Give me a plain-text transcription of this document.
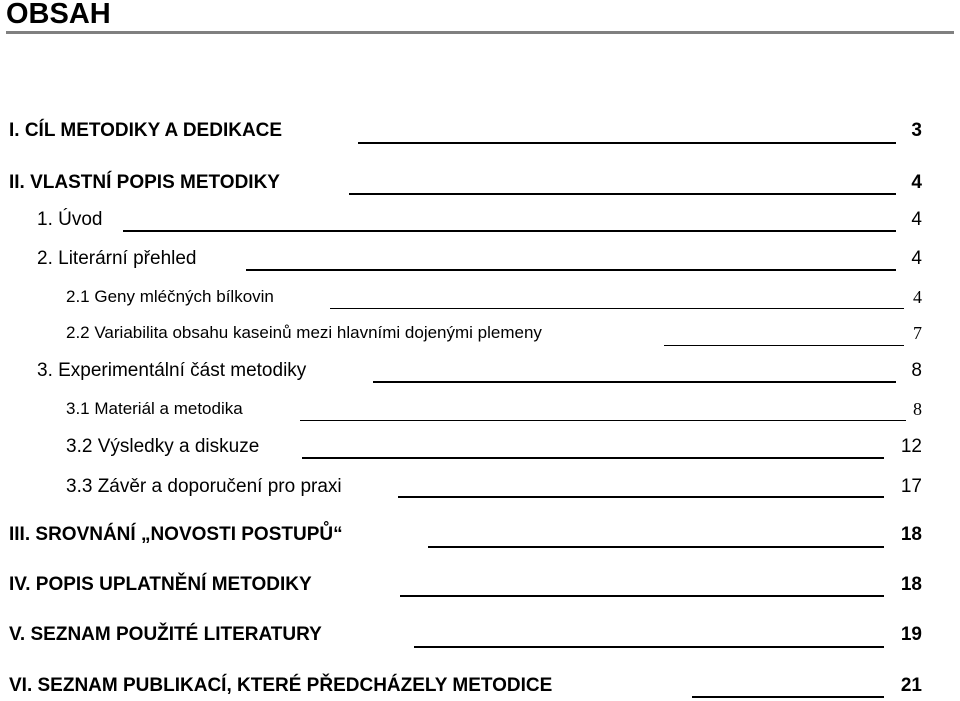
OBSAH
I. CÍL METODIKY A DEDIKACE	3
II. VLASTNÍ POPIS METODIKY	4
1. Úvod	4
2. Literární přehled	4
2.1 Geny mléčných bílkovin	4
2.2 Variabilita obsahu kaseinů mezi hlavními dojenými plemeny	7
3. Experimentální část metodiky	8
3.1 Materiál a metodika	8
3.2 Výsledky a diskuze	12
3.3 Závěr a doporučení pro praxi	17
III. SROVNÁNÍ „NOVOSTI POSTUPŮ“	18
IV. POPIS UPLATNĚNÍ METODIKY	18
V. SEZNAM POUŽITÉ LITERATURY	19
VI. SEZNAM PUBLIKACÍ, KTERÉ PŘEDCHÁZELY METODICE	21
